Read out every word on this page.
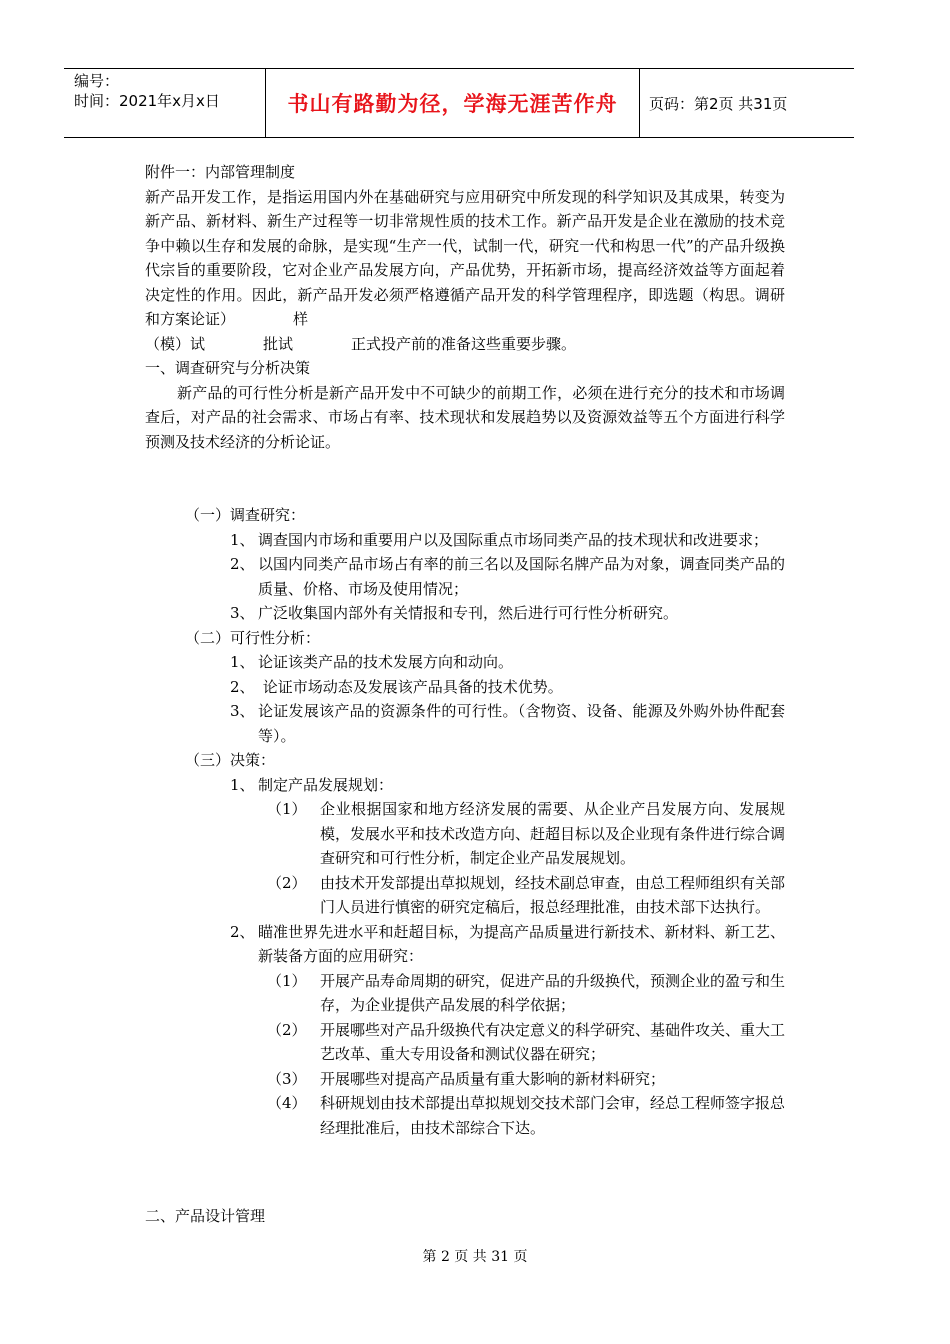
编号：
时间：2021年x月x日	书山有路勤为径，学海无涯苦作舟	页码：第2页 共31页

附件一：内部管理制度

新产品开发工作，是指运用国内外在基础研究与应用研究中所发现的科学知识及其成果，转变为新产品、新材料、新生产过程等一切非常规性质的技术工作。新产品开发是企业在激励的技术竞争中赖以生存和发展的命脉，是实现“生产一代，试制一代，研究一代和构思一代”的产品升级换代宗旨的重要阶段，它对企业产品发展方向，产品优势，开拓新市场，提高经济效益等方面起着决定性的作用。因此，新产品开发必须严格遵循产品开发的科学管理程序，即选题（构思。调研和方案论证）	样

（模）试	批试	正式投产前的准备这些重要步骤。

一、调查研究与分析决策

新产品的可行性分析是新产品开发中不可缺少的前期工作，必须在进行充分的技术和市场调查后，对产品的社会需求、市场占有率、技术现状和发展趋势以及资源效益等五个方面进行科学预测及技术经济的分析论证。

（一）调查研究：

1、 调查国内市场和重要用户以及国际重点市场同类产品的技术现状和改进要求；
2、 以国内同类产品市场占有率的前三名以及国际名牌产品为对象，调查同类产品的质量、价格、市场及使用情况；
3、 广泛收集国内部外有关情报和专刊，然后进行可行性分析研究。

（二）可行性分析：

1、 论证该类产品的技术发展方向和动向。
2、 论证市场动态及发展该产品具备的技术优势。
3、 论证发展该产品的资源条件的可行性。（含物资、设备、能源及外购外协件配套等）。

（三）决策：

1、 制定产品发展规划：
（1） 企业根据国家和地方经济发展的需要、从企业产吕发展方向、发展规模，发展水平和技术改造方向、赶超目标以及企业现有条件进行综合调查研究和可行性分析，制定企业产品发展规划。
（2） 由技术开发部提出草拟规划，经技术副总审查，由总工程师组织有关部门人员进行慎密的研究定稿后，报总经理批准，由技术部下达执行。
2、 瞄准世界先进水平和赶超目标，为提高产品质量进行新技术、新材料、新工艺、新装备方面的应用研究：
（1） 开展产品寿命周期的研究，促进产品的升级换代，预测企业的盈亏和生存，为企业提供产品发展的科学依据；
（2） 开展哪些对产品升级换代有决定意义的科学研究、基础件攻关、重大工艺改革、重大专用设备和测试仪器在研究；
（3） 开展哪些对提高产品质量有重大影响的新材料研究；
（4） 科研规划由技术部提出草拟规划交技术部门会审，经总工程师签字报总经理批准后，由技术部综合下达。
二、产品设计管理
第 2 页 共 31 页
